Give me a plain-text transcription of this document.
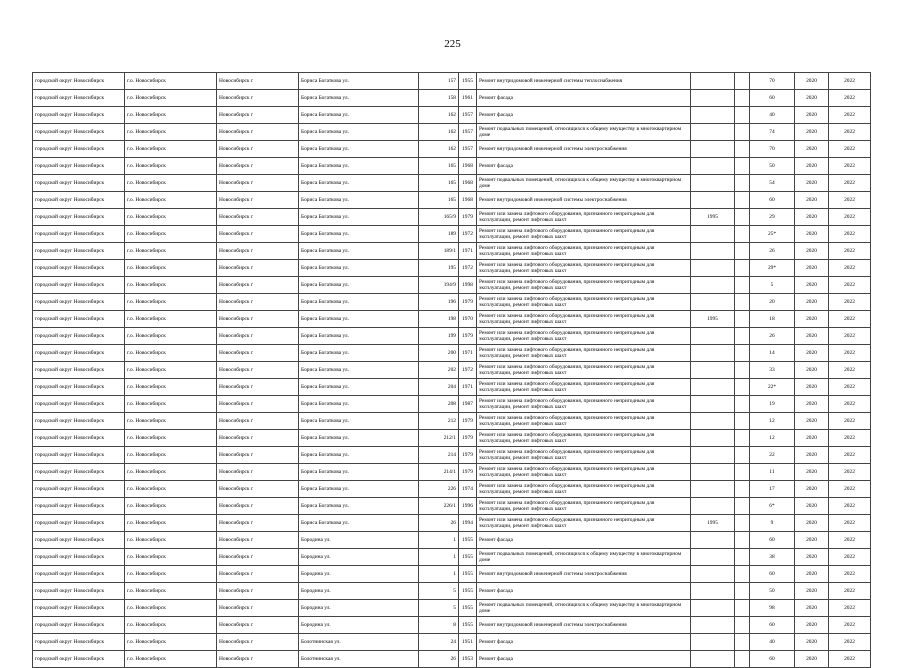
225
городской округ Новосибирск	г.о. Новосибирск	Новосибирск г	Бориса Богаткова ул.	157	1955	Ремонт внутридомовой инженерной системы теплоснабжения			70	2020	2022
городской округ Новосибирск	г.о. Новосибирск	Новосибирск г	Бориса Богаткова ул.	158	1961	Ремонт фасада			60	2020	2022
городской округ Новосибирск	г.о. Новосибирск	Новосибирск г	Бориса Богаткова ул.	162	1957	Ремонт фасада			40	2020	2022
городской округ Новосибирск	г.о. Новосибирск	Новосибирск г	Бориса Богаткова ул.	162	1957	Ремонт подвальных помещений, относящихся к общему имуществу в многоквартирном доме			74	2020	2022
городской округ Новосибирск	г.о. Новосибирск	Новосибирск г	Бориса Богаткова ул.	162	1957	Ремонт внутридомовой инженерной системы электроснабжения			70	2020	2022
городской округ Новосибирск	г.о. Новосибирск	Новосибирск г	Бориса Богаткова ул.	165	1968	Ремонт фасада			50	2020	2022
городской округ Новосибирск	г.о. Новосибирск	Новосибирск г	Бориса Богаткова ул.	165	1968	Ремонт подвальных помещений, относящихся к общему имуществу в многоквартирном доме			54	2020	2022
городской округ Новосибирск	г.о. Новосибирск	Новосибирск г	Бориса Богаткова ул.	165	1968	Ремонт внутридомовой инженерной системы электроснабжения			60	2020	2022
городской округ Новосибирск	г.о. Новосибирск	Новосибирск г	Бориса Богаткова ул.	165/9	1979	Ремонт или замена лифтового оборудования, признанного непригодным для эксплуатации, ремонт лифтовых шахт	1995		29	2020	2022
городской округ Новосибирск	г.о. Новосибирск	Новосибирск г	Бориса Богаткова ул.	189	1972	Ремонт или замена лифтового оборудования, признанного непригодным для эксплуатации, ремонт лифтовых шахт			25*	2020	2022
городской округ Новосибирск	г.о. Новосибирск	Новосибирск г	Бориса Богаткова ул.	189/1	1971	Ремонт или замена лифтового оборудования, признанного непригодным для эксплуатации, ремонт лифтовых шахт			26	2020	2022
городской округ Новосибирск	г.о. Новосибирск	Новосибирск г	Бориса Богаткова ул.	195	1972	Ремонт или замена лифтового оборудования, признанного непригодным для эксплуатации, ремонт лифтовых шахт			29*	2020	2022
городской округ Новосибирск	г.о. Новосибирск	Новосибирск г	Бориса Богаткова ул.	194/9	1998	Ремонт или замена лифтового оборудования, признанного непригодным для эксплуатации, ремонт лифтовых шахт			5	2020	2022
городской округ Новосибирск	г.о. Новосибирск	Новосибирск г	Бориса Богаткова ул.	196	1979	Ремонт или замена лифтового оборудования, признанного непригодным для эксплуатации, ремонт лифтовых шахт			20	2020	2022
городской округ Новосибирск	г.о. Новосибирск	Новосибирск г	Бориса Богаткова ул.	198	1970	Ремонт или замена лифтового оборудования, признанного непригодным для эксплуатации, ремонт лифтовых шахт	1995		18	2020	2022
городской округ Новосибирск	г.о. Новосибирск	Новосибирск г	Бориса Богаткова ул.	199	1979	Ремонт или замена лифтового оборудования, признанного непригодным для эксплуатации, ремонт лифтовых шахт			26	2020	2022
городской округ Новосибирск	г.о. Новосибирск	Новосибирск г	Бориса Богаткова ул.	200	1971	Ремонт или замена лифтового оборудования, признанного непригодным для эксплуатации, ремонт лифтовых шахт			14	2020	2022
городской округ Новосибирск	г.о. Новосибирск	Новосибирск г	Бориса Богаткова ул.	202	1972	Ремонт или замена лифтового оборудования, признанного непригодным для эксплуатации, ремонт лифтовых шахт			33	2020	2022
городской округ Новосибирск	г.о. Новосибирск	Новосибирск г	Бориса Богаткова ул.	204	1971	Ремонт или замена лифтового оборудования, признанного непригодным для эксплуатации, ремонт лифтовых шахт			22*	2020	2022
городской округ Новосибирск	г.о. Новосибирск	Новосибирск г	Бориса Богаткова ул.	208	1987	Ремонт или замена лифтового оборудования, признанного непригодным для эксплуатации, ремонт лифтовых шахт			19	2020	2022
городской округ Новосибирск	г.о. Новосибирск	Новосибирск г	Бориса Богаткова ул.	212	1979	Ремонт или замена лифтового оборудования, признанного непригодным для эксплуатации, ремонт лифтовых шахт			12	2020	2022
городской округ Новосибирск	г.о. Новосибирск	Новосибирск г	Бориса Богаткова ул.	212/1	1979	Ремонт или замена лифтового оборудования, признанного непригодным для эксплуатации, ремонт лифтовых шахт			12	2020	2022
городской округ Новосибирск	г.о. Новосибирск	Новосибирск г	Бориса Богаткова ул.	214	1979	Ремонт или замена лифтового оборудования, признанного непригодным для эксплуатации, ремонт лифтовых шахт			22	2020	2022
городской округ Новосибирск	г.о. Новосибирск	Новосибирск г	Бориса Богаткова ул.	214/1	1979	Ремонт или замена лифтового оборудования, признанного непригодным для эксплуатации, ремонт лифтовых шахт			11	2020	2022
городской округ Новосибирск	г.о. Новосибирск	Новосибирск г	Бориса Богаткова ул.	226	1974	Ремонт или замена лифтового оборудования, признанного непригодным для эксплуатации, ремонт лифтовых шахт			17	2020	2022
городской округ Новосибирск	г.о. Новосибирск	Новосибирск г	Бориса Богаткова ул.	226/1	1996	Ремонт или замена лифтового оборудования, признанного непригодным для эксплуатации, ремонт лифтовых шахт			6*	2020	2022
городской округ Новосибирск	г.о. Новосибирск	Новосибирск г	Бориса Богаткова ул.	26	1994	Ремонт или замена лифтового оборудования, признанного непригодным для эксплуатации, ремонт лифтовых шахт	1995		9	2020	2022
городской округ Новосибирск	г.о. Новосибирск	Новосибирск г	Бородина ул.	1	1955	Ремонт фасада			60	2020	2022
городской округ Новосибирск	г.о. Новосибирск	Новосибирск г	Бородина ул.	1	1955	Ремонт подвальных помещений, относящихся к общему имуществу в многоквартирном доме			38	2020	2022
городской округ Новосибирск	г.о. Новосибирск	Новосибирск г	Бородина ул.	1	1955	Ремонт внутридомовой инженерной системы электроснабжения			60	2020	2022
городской округ Новосибирск	г.о. Новосибирск	Новосибирск г	Бородина ул.	5	1955	Ремонт фасада			50	2020	2022
городской округ Новосибирск	г.о. Новосибирск	Новосибирск г	Бородина ул.	5	1955	Ремонт подвальных помещений, относящихся к общему имуществу в многоквартирном доме			98	2020	2022
городской округ Новосибирск	г.о. Новосибирск	Новосибирск г	Бородина ул.	8	1955	Ремонт внутридомовой инженерной системы электроснабжения			60	2020	2022
городской округ Новосибирск	г.о. Новосибирск	Новосибирск г	Болотнинская ул.	24	1951	Ремонт фасада			40	2020	2022
городской округ Новосибирск	г.о. Новосибирск	Новосибирск г	Болотнинская ул.	26	1953	Ремонт фасада			60	2020	2022
